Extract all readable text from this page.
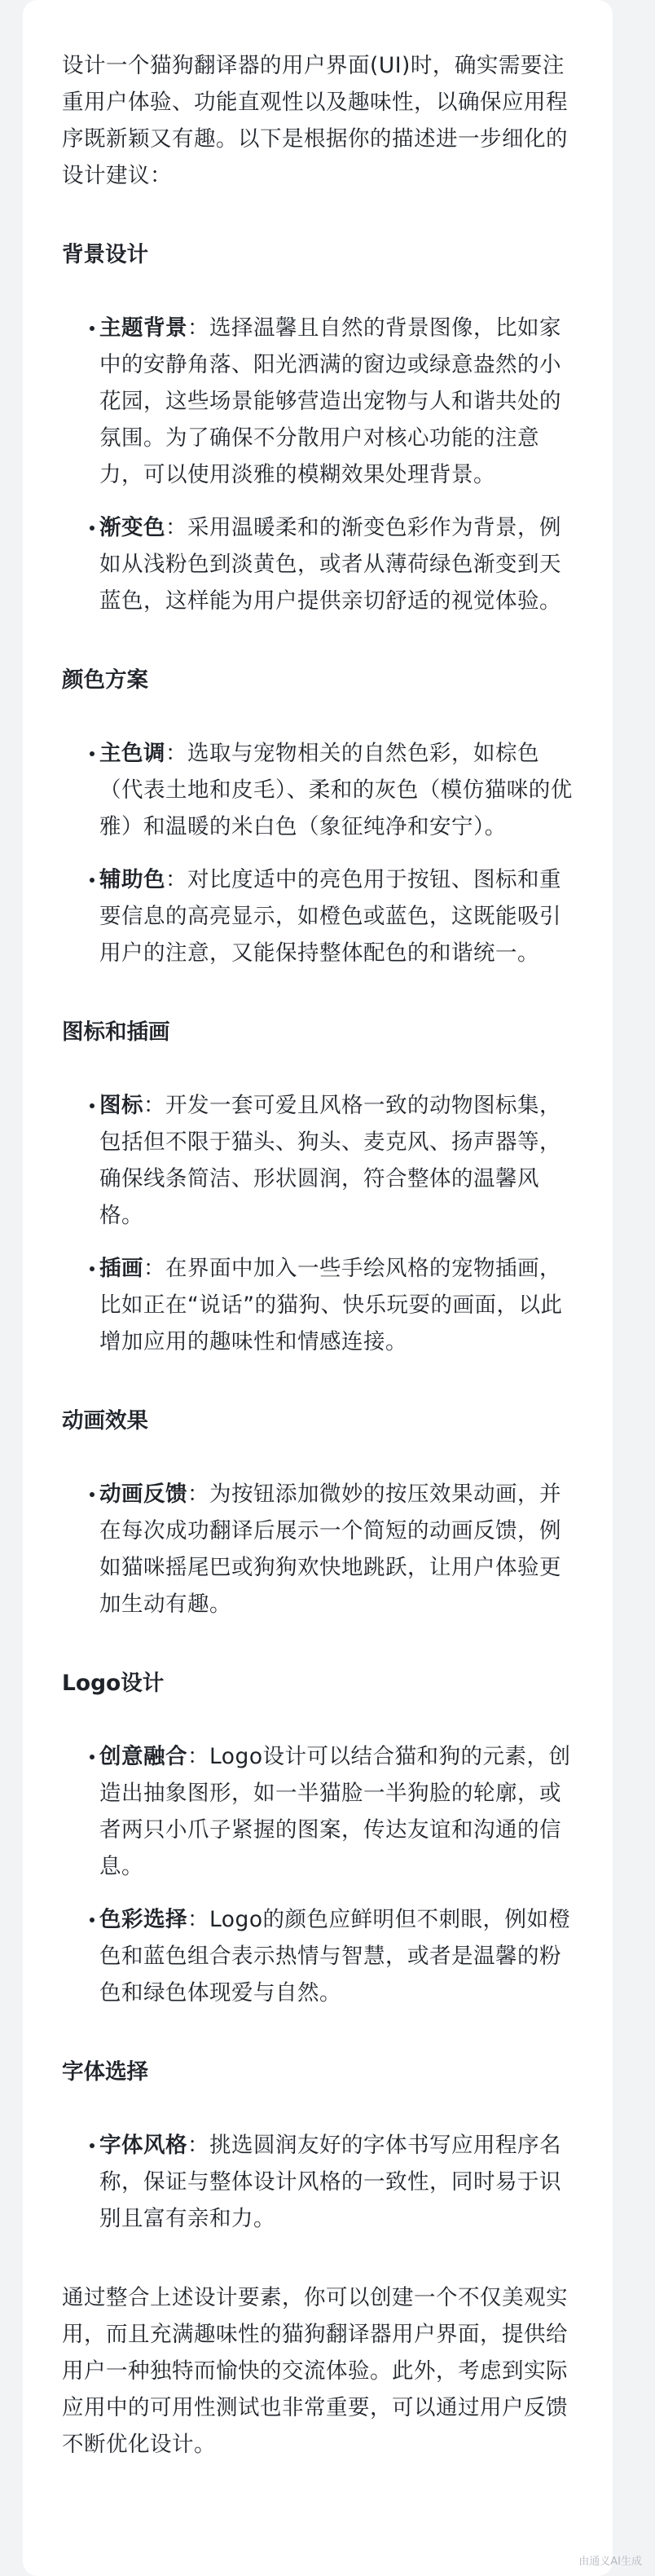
设计一个猫狗翻译器的用户界面(UI)时，确实需要注重用户体验、功能直观性以及趣味性，以确保应用程序既新颖又有趣。以下是根据你的描述进一步细化的设计建议：

背景设计
主题背景：选择温馨且自然的背景图像，比如家中的安静角落、阳光洒满的窗边或绿意盎然的小花园，这些场景能够营造出宠物与人和谐共处的氛围。为了确保不分散用户对核心功能的注意力，可以使用淡雅的模糊效果处理背景。
渐变色：采用温暖柔和的渐变色彩作为背景，例如从浅粉色到淡黄色，或者从薄荷绿色渐变到天蓝色，这样能为用户提供亲切舒适的视觉体验。
颜色方案
主色调：选取与宠物相关的自然色彩，如棕色（代表土地和皮毛）、柔和的灰色（模仿猫咪的优雅）和温暖的米白色（象征纯净和安宁）。
辅助色：对比度适中的亮色用于按钮、图标和重要信息的高亮显示，如橙色或蓝色，这既能吸引用户的注意，又能保持整体配色的和谐统一。
图标和插画
图标：开发一套可爱且风格一致的动物图标集，包括但不限于猫头、狗头、麦克风、扬声器等，确保线条简洁、形状圆润，符合整体的温馨风格。
插画：在界面中加入一些手绘风格的宠物插画，比如正在“说话”的猫狗、快乐玩耍的画面，以此增加应用的趣味性和情感连接。
动画效果
动画反馈：为按钮添加微妙的按压效果动画，并在每次成功翻译后展示一个简短的动画反馈，例如猫咪摇尾巴或狗狗欢快地跳跃，让用户体验更加生动有趣。
Logo设计
创意融合：Logo设计可以结合猫和狗的元素，创造出抽象图形，如一半猫脸一半狗脸的轮廓，或者两只小爪子紧握的图案，传达友谊和沟通的信息。
色彩选择：Logo的颜色应鲜明但不刺眼，例如橙色和蓝色组合表示热情与智慧，或者是温馨的粉色和绿色体现爱与自然。
字体选择
字体风格：挑选圆润友好的字体书写应用程序名称，保证与整体设计风格的一致性，同时易于识别且富有亲和力。

通过整合上述设计要素，你可以创建一个不仅美观实用，而且充满趣味性的猫狗翻译器用户界面，提供给用户一种独特而愉快的交流体验。此外，考虑到实际应用中的可用性测试也非常重要，可以通过用户反馈不断优化设计。

由通义AI生成
